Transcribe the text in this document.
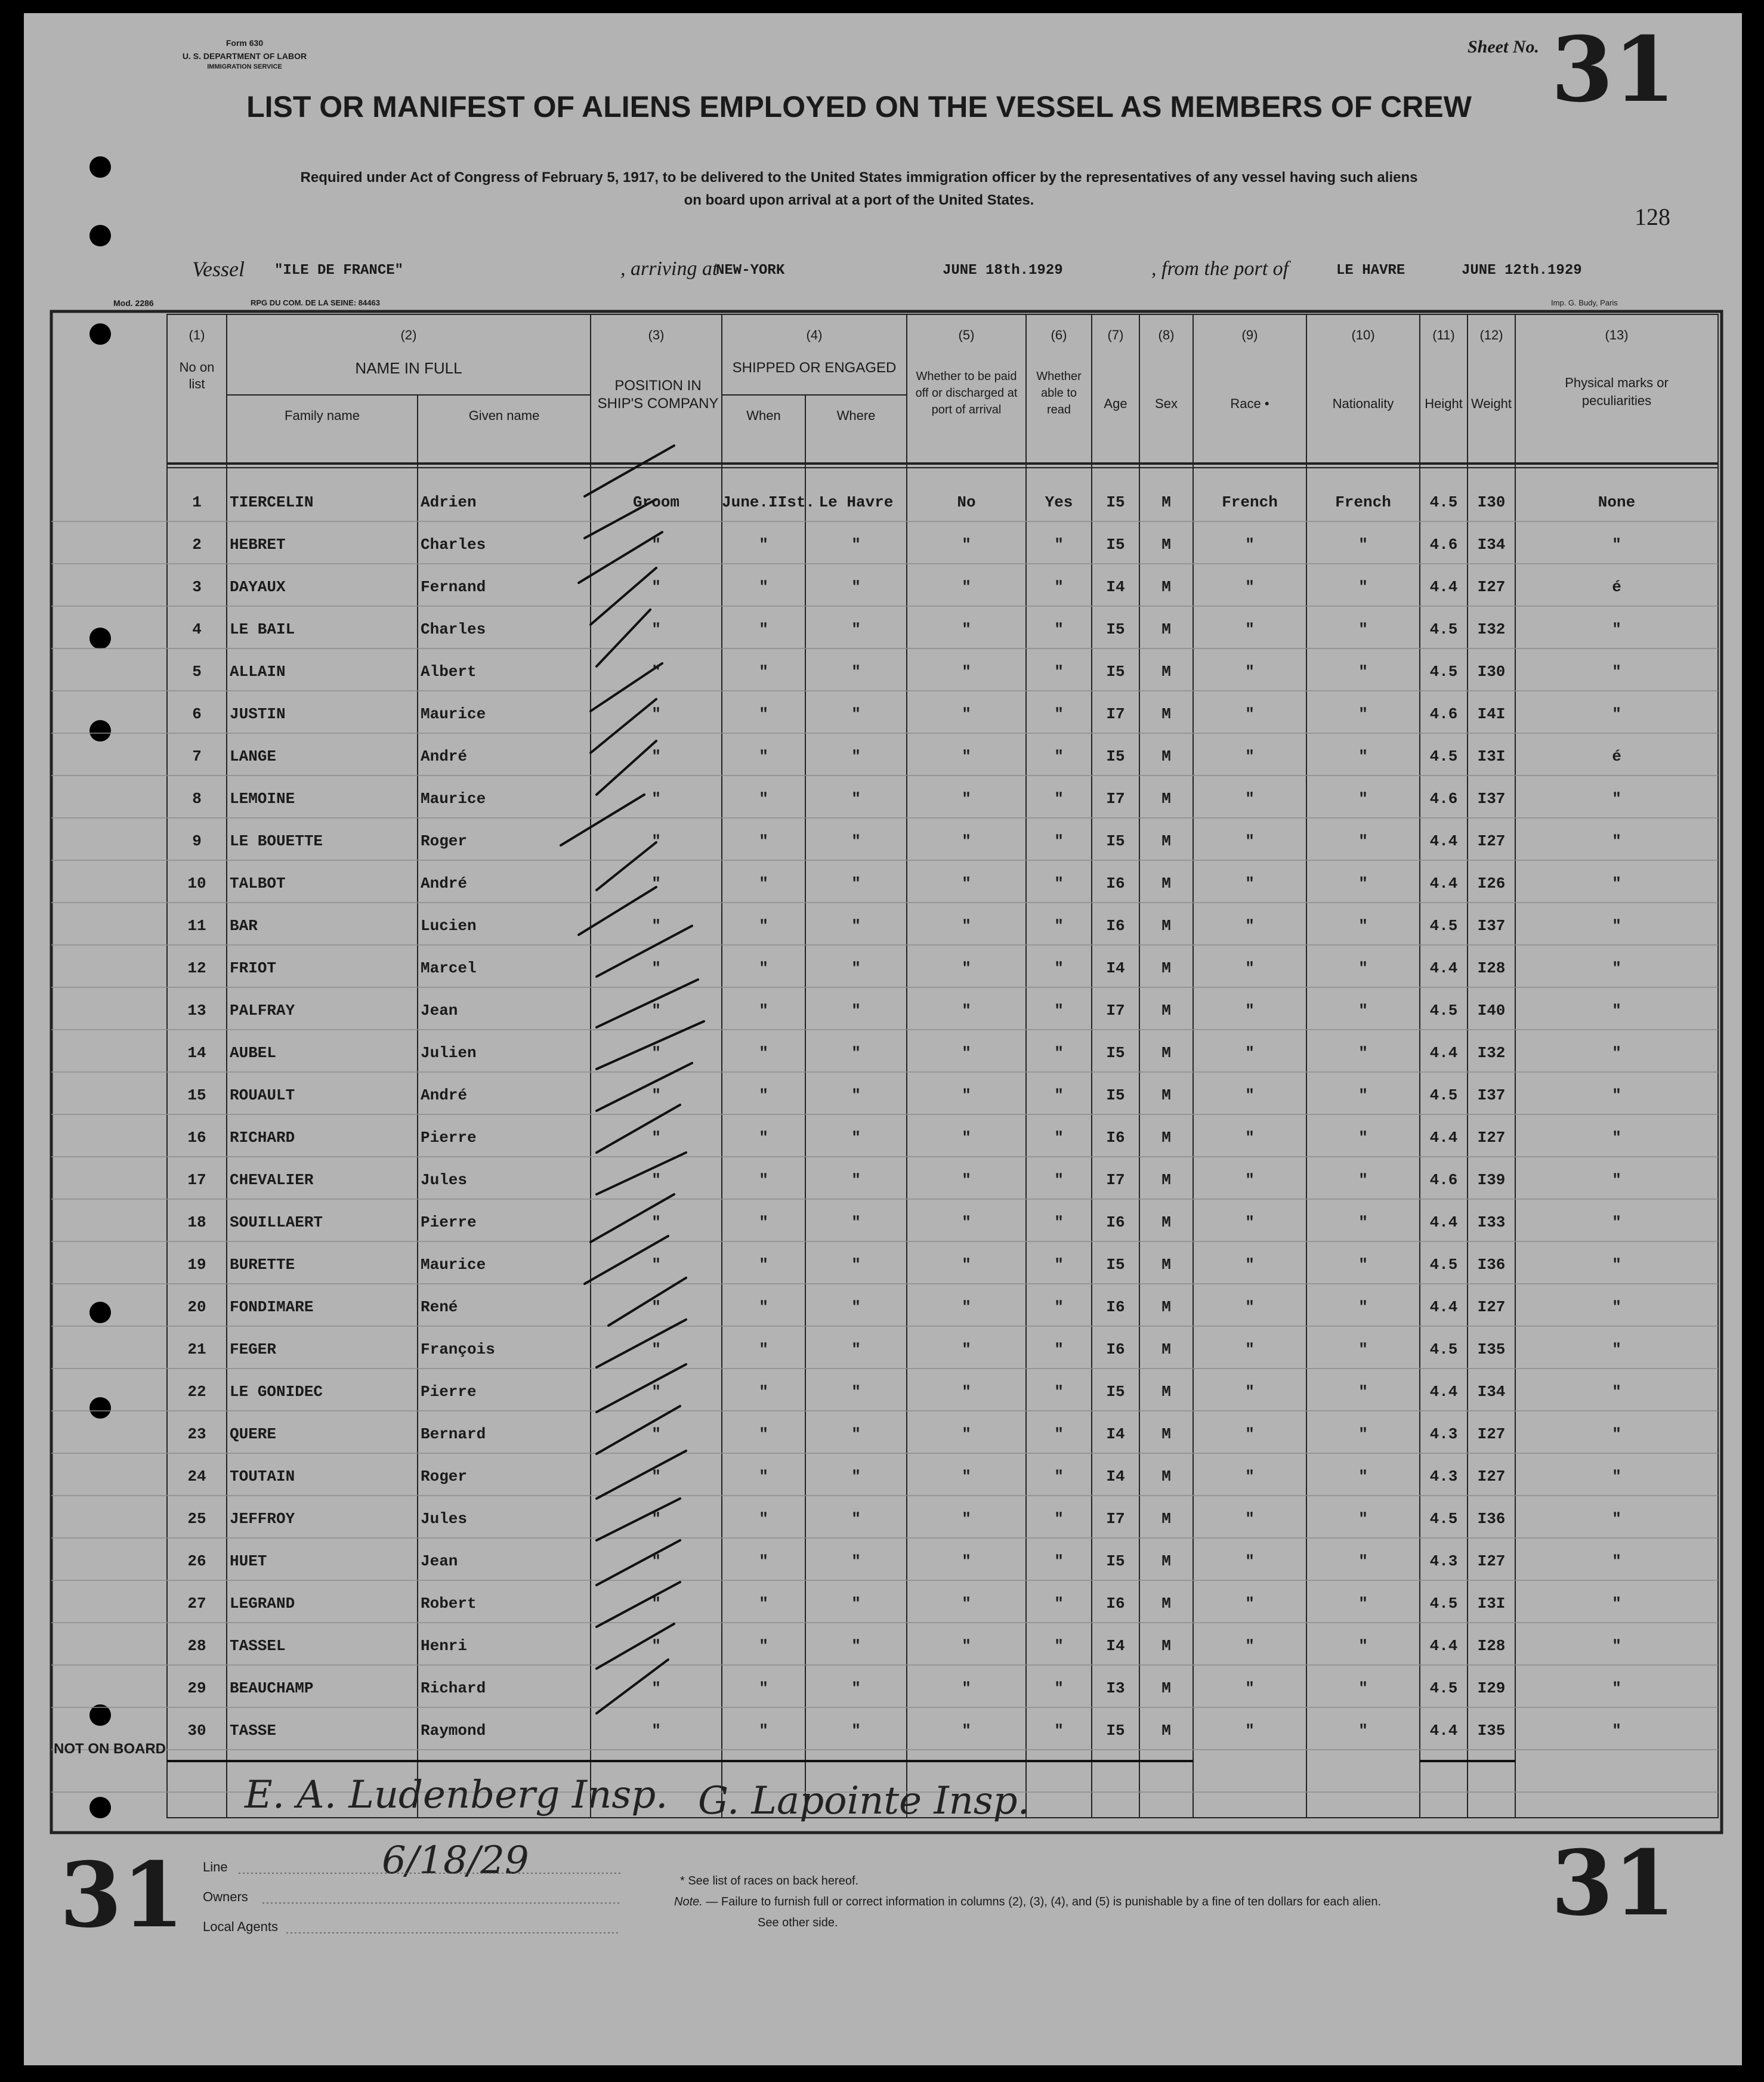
Form 630
U. S. DEPARTMENT OF LABOR
IMMIGRATION SERVICE
Sheet No. 31
LIST OR MANIFEST OF ALIENS EMPLOYED ON THE VESSEL AS MEMBERS OF CREW
Required under Act of Congress of February 5, 1917, to be delivered to the United States immigration officer by the representatives of any vessel having such aliens
on board upon arrival at a port of the United States.
128
Vessel "ILE DE FRANCE"	, arriving at
NEW-YORK	JUNE 18th.1929	, from the port of	LE HAVRE	JUNE 12th.1929
Mod. 2286	RPG DU COM. DE LA SEINE: 84463	Imp. G. Budy, Paris
(1)
No on list
(2)
NAME IN FULL
Family name	Given name
(3)
POSITION IN SHIP'S COMPANY
(4)
SHIPPED OR ENGAGED
When	Where
(5)
Whether to be paid off or discharged at port of arrival
(6)
Whether able to read
(7)
Age
(8)
Sex
(9)
Race •
(10)
Nationality
(11)
Height
(12)
Weight
(13)
Physical marks or peculiarities
1	TIERCELIN	Adrien	Groom	June.IIst. Le Havre	No	Yes	I5	M	French	French	4.5	I30	None
2	HEBRET	Charles	"	"	"	"	"	I5	M	"	"	4.6	I34	"
3	DAYAUX	Fernand	"	"	"	"	"	I4	M	"	"	4.4	I27	é
4	LE BAIL	Charles	"	"	"	"	"	I5	M	"	"	4.5	I32	"
5	ALLAIN	Albert	"	"	"	"	"	I5	M	"	"	4.5	I30	"
6	JUSTIN	Maurice	"	"	"	"	"	I7	M	"	"	4.6	I4I	"
7	LANGE	André	"	"	"	"	"	I5	M	"	"	4.5	I3I	é
8	LEMOINE	Maurice	"	"	"	"	"	I7	M	"	"	4.6	I37	"
9	LE BOUETTE	Roger	"	"	"	"	"	I5	M	"	"	4.4	I27	"
10	TALBOT	André	"	"	"	"	"	I6	M	"	"	4.4	I26	"
11	BAR	Lucien	"	"	"	"	"	I6	M	"	"	4.5	I37	"
12	FRIOT	Marcel	"	"	"	"	"	I4	M	"	"	4.4	I28	"
13	PALFRAY	Jean	"	"	"	"	"	I7	M	"	"	4.5	I40	"
14	AUBEL	Julien	"	"	"	"	"	I5	M	"	"	4.4	I32	"
15	ROUAULT	André	"	"	"	"	"	I5	M	"	"	4.5	I37	"
16	RICHARD	Pierre	"	"	"	"	"	I6	M	"	"	4.4	I27	"
17	CHEVALIER	Jules	"	"	"	"	"	I7	M	"	"	4.6	I39	"
18	SOUILLAERT	Pierre	"	"	"	"	"	I6	M	"	"	4.4	I33	"
19	BURETTE	Maurice	"	"	"	"	"	I5	M	"	"	4.5	I36	"
20	FONDIMARE	René	"	"	"	"	"	I6	M	"	"	4.4	I27	"
21	FEGER	François	"	"	"	"	"	I6	M	"	"	4.5	I35	"
22	LE GONIDEC	Pierre	"	"	"	"	"	I5	M	"	"	4.4	I34	"
23	QUERE	Bernard	"	"	"	"	"	I4	M	"	"	4.3	I27	"
24	TOUTAIN	Roger	"	"	"	"	"	I4	M	"	"	4.3	I27	"
25	JEFFROY	Jules	"	"	"	"	"	I7	M	"	"	4.5	I36	"
26	HUET	Jean	"	"	"	"	"	I5	M	"	"	4.3	I27	"
27	LEGRAND	Robert	"	"	"	"	"	I6	M	"	"	4.5	I3I	"
28	TASSEL	Henri	"	"	"	"	"	I4	M	"	"	4.4	I28	"
29	BEAUCHAMP	Richard	"	"	"	"	"	I3	M	"	"	4.5	I29	"
30	TASSE	Raymond	"	"	"	"	"	I5	M	"	"	4.4	I35	"
NOT ON BOARD
E. A. Ludenberg Insp. G. Lapointe Insp.
6/18/29
31	31
Line
Owners
Local Agents
* See list of races on back hereof.
Note. — Failure to furnish full or correct information in columns (2), (3), (4), and (5) is punishable by a fine of ten dollars for each alien.
See other side.
